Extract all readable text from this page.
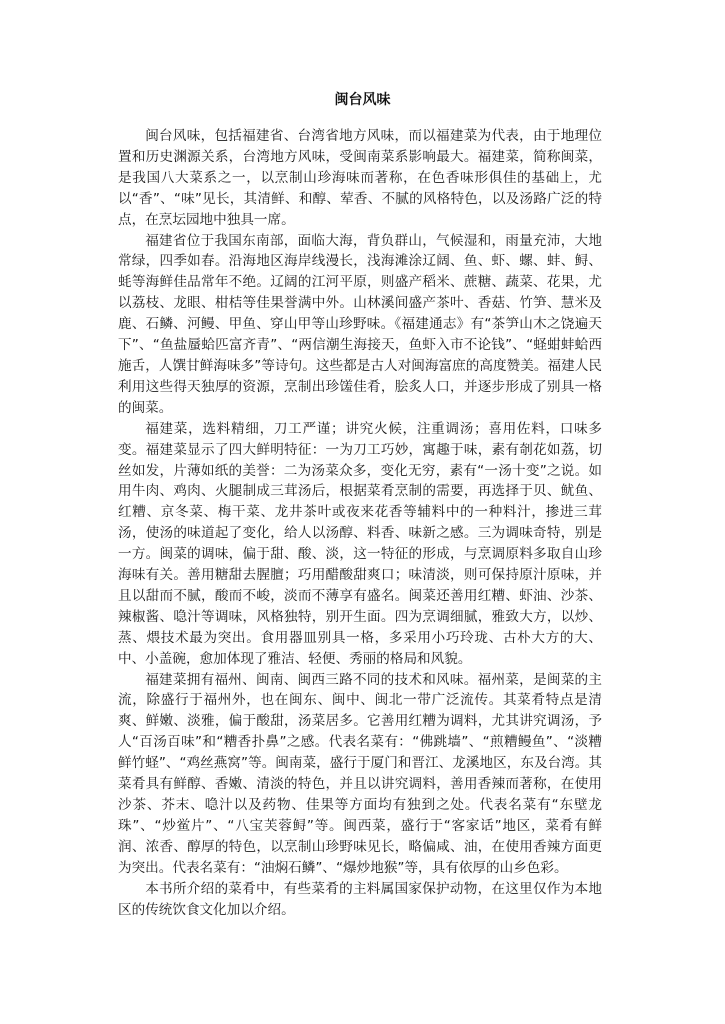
闽台风味

闽台风味，包括福建省、台湾省地方风味，而以福建菜为代表，由于地理位置和历史渊源关系，台湾地方风味，受闽南菜系影响最大。福建菜，简称闽菜，是我国八大菜系之一，以烹制山珍海味而著称，在色香味形俱佳的基础上，尤以“香”、“味”见长，其清鲜、和醇、荤香、不腻的风格特色，以及汤路广泛的特点，在烹坛园地中独具一席。

福建省位于我国东南部，面临大海，背负群山，气候湿和，雨量充沛，大地常绿，四季如春。沿海地区海岸线漫长，浅海滩涂辽阔、鱼、虾、螺、蚌、鲟、蚝等海鲜佳品常年不绝。辽阔的江河平原，则盛产稻米、蔗糖、蔬菜、花果，尤以荔枝、龙眼、柑桔等佳果誉满中外。山林溪间盛产茶叶、香菇、竹笋、慧米及鹿、石鳞、河鳗、甲鱼、穿山甲等山珍野味。《福建通志》有“茶笋山木之饶遍天下”、“鱼盐蜃蛤匹富齐青”、“两信潮生海接天，鱼虾入市不论钱”、“蛏蚶蚌蛤西施舌，人馔甘鲜海味多”等诗句。这些都是古人对闽海富庶的高度赞美。福建人民利用这些得天独厚的资源，烹制出珍馐佳肴，脍炙人口，并逐步形成了别具一格的闽菜。

福建菜，选料精细，刀工严谨；讲究火候，注重调汤；喜用佐料，口味多变。福建菜显示了四大鲜明特征：一为刀工巧妙，寓趣于味，素有剞花如荔，切丝如发，片薄如纸的美誉：二为汤菜众多，变化无穷，素有“一汤十变”之说。如用牛肉、鸡肉、火腿制成三茸汤后，根据菜肴烹制的需要，再选择于贝、鱿鱼、红糟、京冬菜、梅干菜、龙井茶叶或夜来花香等辅料中的一种料汁，掺进三茸汤，使汤的味道起了变化，给人以汤醇、料香、味新之感。三为调味奇特，别是一方。闽菜的调味，偏于甜、酸、淡，这一特征的形成，与烹调原料多取自山珍海味有关。善用糖甜去腥膻；巧用醋酸甜爽口；味清淡，则可保持原汁原味，并且以甜而不腻，酸而不峻，淡而不薄享有盛名。闽菜还善用红糟、虾油、沙茶、辣椒酱、喼汁等调味，风格独特，别开生面。四为烹调细腻，雅致大方，以炒、蒸、煨技术最为突出。食用器皿别具一格，多采用小巧玲珑、古朴大方的大、中、小盖碗，愈加体现了雅洁、轻便、秀丽的格局和风貌。

福建菜拥有福州、闽南、闽西三路不同的技术和风味。福州菜，是闽菜的主流，除盛行于福州外，也在闽东、闽中、闽北一带广泛流传。其菜肴特点是清爽、鲜嫩、淡雅，偏于酸甜，汤菜居多。它善用红糟为调料，尤其讲究调汤，予人“百汤百味”和“糟香扑鼻”之感。代表名菜有：“佛跳墙”、“煎糟鳗鱼”、“淡糟鲜竹蛏”、“鸡丝燕窝”等。闽南菜，盛行于厦门和晋江、龙溪地区，东及台湾。其菜肴具有鲜醇、香嫩、清淡的特色，并且以讲究调料，善用香辣而著称，在使用沙茶、芥末、喼汁以及药物、佳果等方面均有独到之处。代表名菜有“东壁龙珠”、“炒鲎片”、“八宝芙蓉鲟”等。闽西菜，盛行于“客家话”地区，菜肴有鲜润、浓香、醇厚的特色，以烹制山珍野味见长，略偏咸、油，在使用香辣方面更为突出。代表名菜有：“油焖石鳞”、“爆炒地猴”等，具有依厚的山乡色彩。

本书所介绍的菜肴中，有些菜肴的主料属国家保护动物，在这里仅作为本地区的传统饮食文化加以介绍。
